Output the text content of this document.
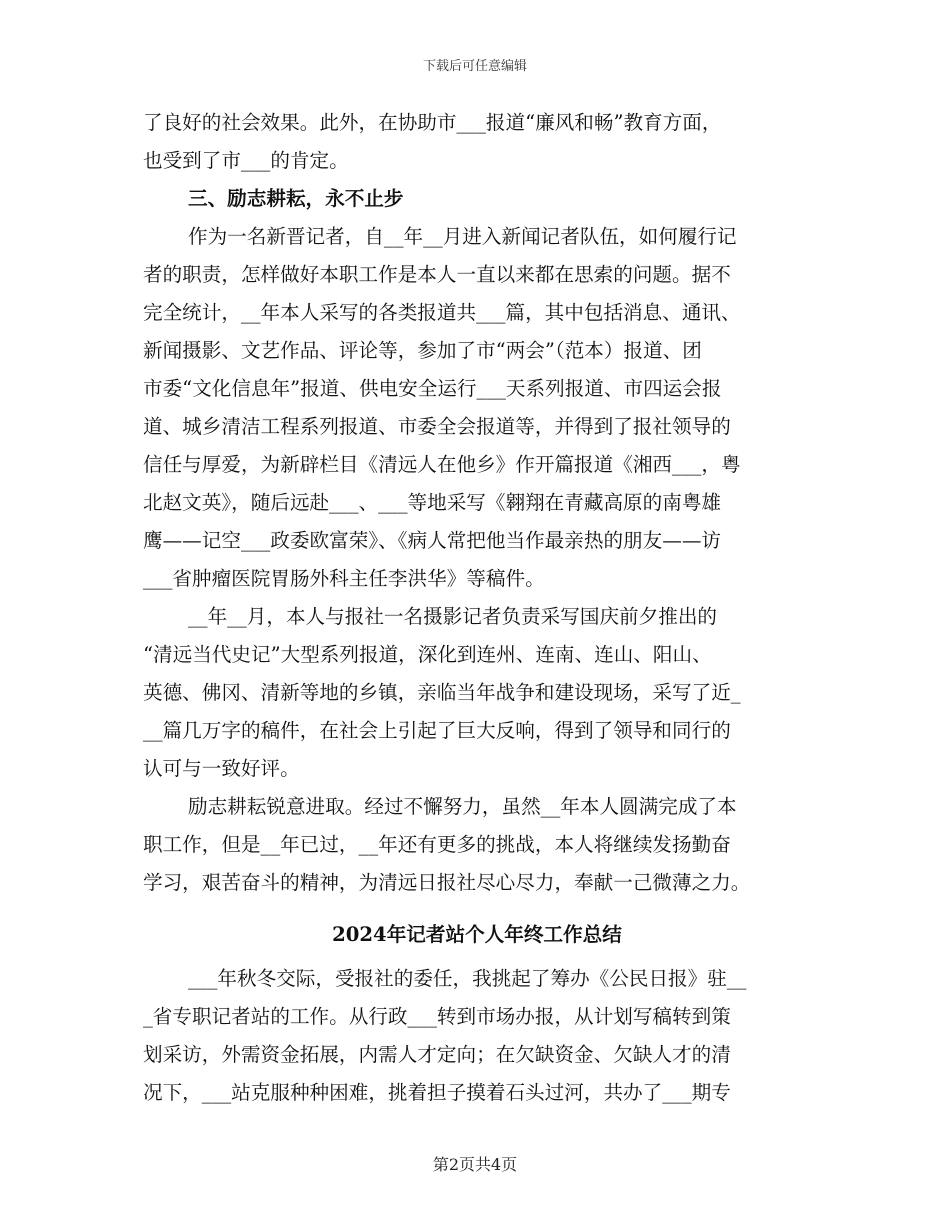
下载后可任意编辑
了良好的社会效果。此外，在协助市___报道“廉风和畅”教育方面，
也受到了市___的肯定。
三、励志耕耘，永不止步
作为一名新晋记者，自__年__月进入新闻记者队伍，如何履行记
者的职责，怎样做好本职工作是本人一直以来都在思索的问题。据不
完全统计，__年本人采写的各类报道共___篇，其中包括消息、通讯、
新闻摄影、文艺作品、评论等，参加了市“两会”（范本）报道、团
市委“文化信息年”报道、供电安全运行___天系列报道、市四运会报
道、城乡清洁工程系列报道、市委全会报道等，并得到了报社领导的
信任与厚爱，为新辟栏目《清远人在他乡》作开篇报道《湘西___，粤
北赵文英》，随后远赴___、___等地采写《翱翔在青藏高原的南粤雄
鹰——记空___政委欧富荣》、《病人常把他当作最亲热的朋友——访
___省肿瘤医院胃肠外科主任李洪华》等稿件。
__年__月，本人与报社一名摄影记者负责采写国庆前夕推出的
“清远当代史记”大型系列报道，深化到连州、连南、连山、阳山、
英德、佛冈、清新等地的乡镇，亲临当年战争和建设现场，采写了近_
__篇几万字的稿件，在社会上引起了巨大反响，得到了领导和同行的
认可与一致好评。
励志耕耘锐意进取。经过不懈努力，虽然__年本人圆满完成了本
职工作，但是__年已过，__年还有更多的挑战，本人将继续发扬勤奋
学习，艰苦奋斗的精神，为清远日报社尽心尽力，奉献一己微薄之力。
2024年记者站个人年终工作总结
___年秋冬交际，受报社的委任，我挑起了筹办《公民日报》驻__
_省专职记者站的工作。从行政___转到市场办报，从计划写稿转到策
划采访，外需资金拓展，内需人才定向；在欠缺资金、欠缺人才的清
况下，___站克服种种困难，挑着担子摸着石头过河，共办了___期专
第2页共4页
